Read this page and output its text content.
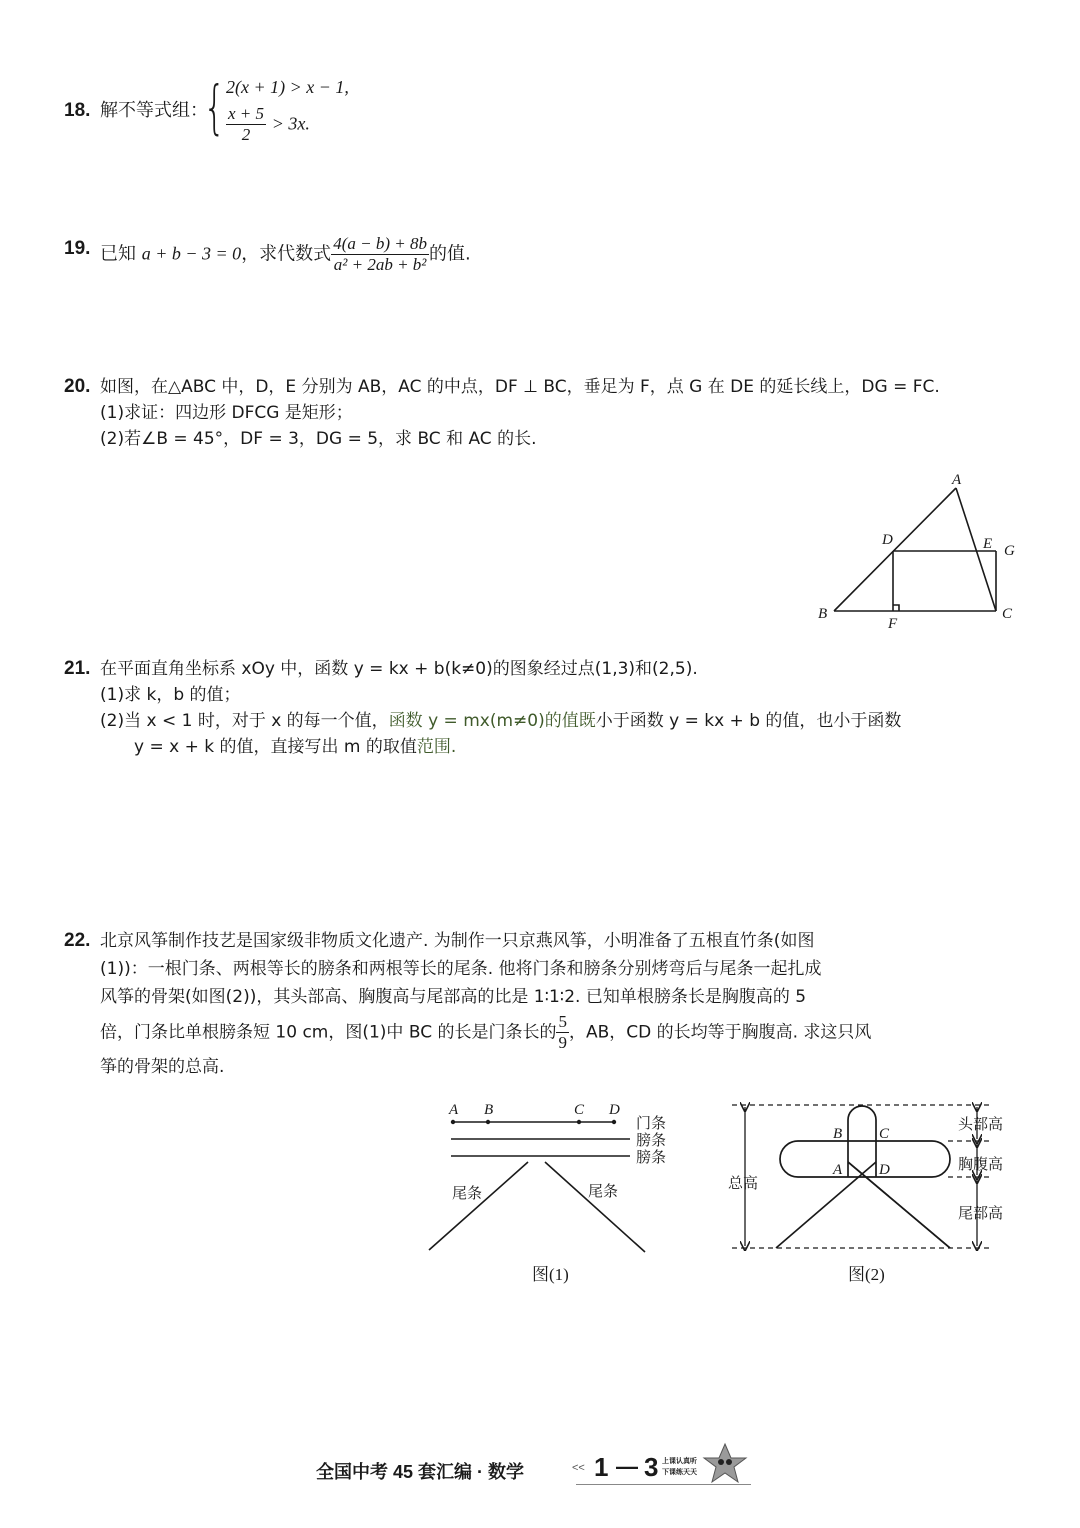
18. 解不等式组：
{ 2(x + 1) > x − 1,
$\frac{x + 5}{2} > 3x$.
19. 已知 a + b − 3 = 0，求代数式 $\frac{4(a - b) + 8b}{\text{a² + 2ab + b²}}$ 的值.
20. 如图，在△ABC 中，D，E 分别为 AB，AC 的中点，DF ⊥ BC，垂足为 F，点 G 在 DE 的延长线上，DG = FC.
(1)求证：四边形 DFCG 是矩形；
(2)若∠B = 45°，DF = 3，DG = 5，求 BC 和 AC 的长.
A
B	C
D	E
F
G
21. 在平面直角坐标系 xOy 中，函数 y = kx + b(k≠0)的图象经过点(1,3)和(2,5).
(1)求 k，b 的值；
(2)当 x < 1 时，对于 x 的每一个值，函数 y = mx(m≠0)的值既小于函数 y = kx + b 的值，也小于函数
y = x + k 的值，直接写出 m 的取值范围.
22. 北京风筝制作技艺是国家级非物质文化遗产. 为制作一只京燕风筝，小明准备了五根直竹条(如图
(1))：一根门条、两根等长的膀条和两根等长的尾条. 他将门条和膀条分别烤弯后与尾条一起扎成
风筝的骨架(如图(2))，其头部高、胸腹高与尾部高的比是 1∶1∶2. 已知单根膀条长是胸腹高的 5
倍，门条比单根膀条短 10 cm，图(1)中 BC 的长是门条长的 $\frac{5}{9}$ ，AB，CD 的长均等于胸腹高. 求这只风
筝的骨架的总高.
A B	C D
门条
膀条
膀条
尾条	尾条
图(1)
B C
A D
总高
头部高
胸腹高
尾部高
图(2)
全国中考 45 套汇编 · 数学	<< 1 — 3 上课认真听
下课练天天
